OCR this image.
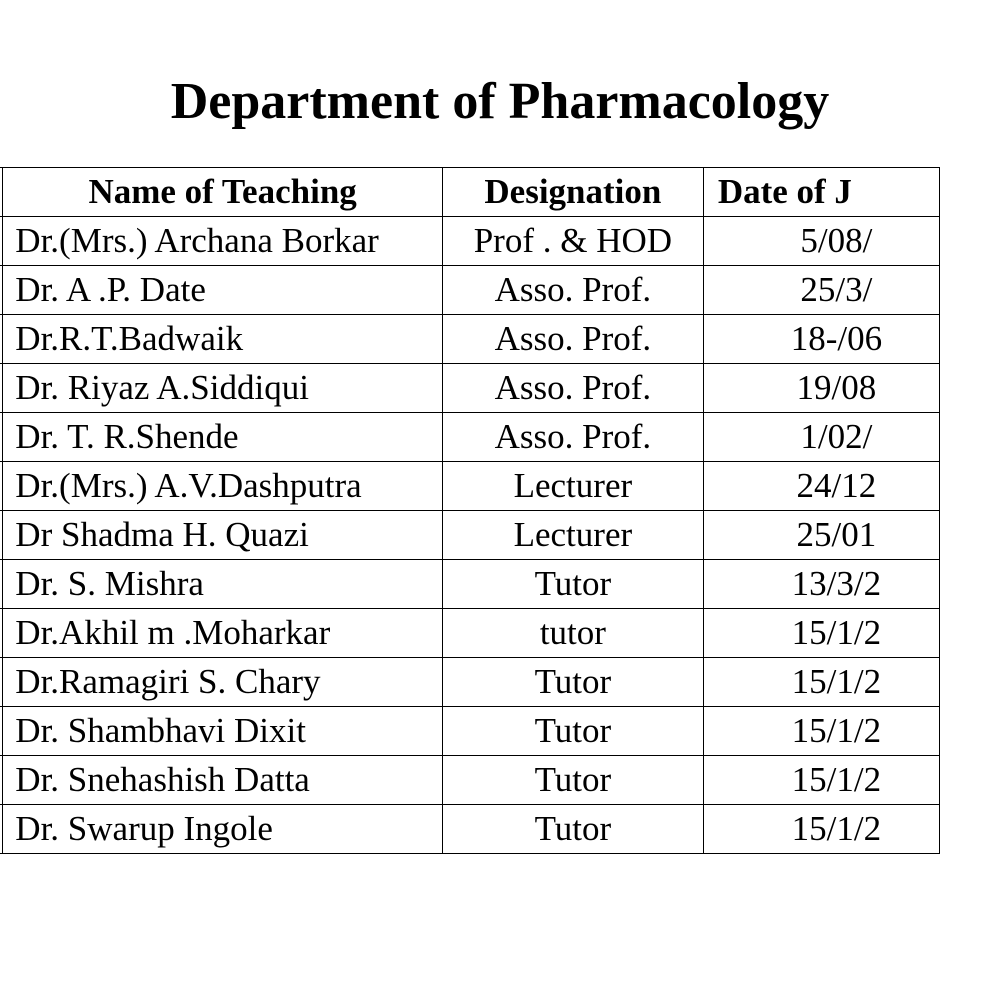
Department of Pharmacology
	Name of Teaching	Designation	Date of J
	Dr.(Mrs.) Archana Borkar	Prof . & HOD	5/08/
	Dr. A .P. Date	Asso. Prof.	25/3/
	Dr.R.T.Badwaik	Asso. Prof.	18-/06
	Dr. Riyaz A.Siddiqui	Asso. Prof.	19/08
	Dr. T. R.Shende	Asso. Prof.	1/02/
	Dr.(Mrs.) A.V.Dashputra	Lecturer	24/12
	Dr Shadma H. Quazi	Lecturer	25/01
	Dr. S. Mishra	Tutor	13/3/2
	Dr.Akhil m .Moharkar	tutor	15/1/2
	Dr.Ramagiri S. Chary	Tutor	15/1/2
	Dr. Shambhavi Dixit	Tutor	15/1/2
	Dr. Snehashish Datta	Tutor	15/1/2
	Dr. Swarup Ingole	Tutor	15/1/2
